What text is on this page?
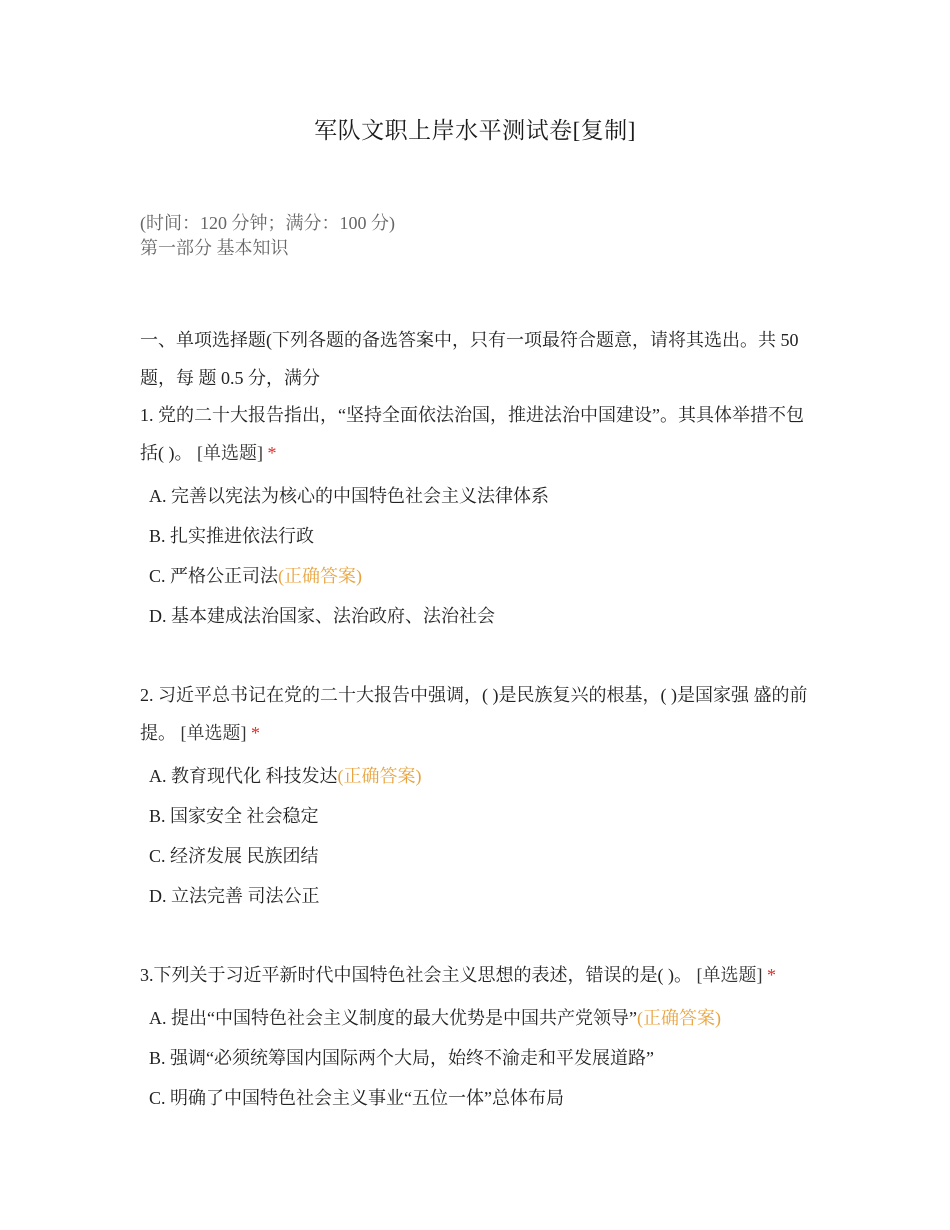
军队文职上岸水平测试卷[复制]
(时间：120 分钟；满分：100 分)
第一部分 基本知识
一、单项选择题(下列各题的备选答案中，只有一项最符合题意，请将其选出。共 50 题，每 题 0.5 分，满分
1. 党的二十大报告指出，“坚持全面依法治国，推进法治中国建设”。其具体举措不包 括( )。 [单选题] *
A. 完善以宪法为核心的中国特色社会主义法律体系
B. 扎实推进依法行政
C. 严格公正司法(正确答案)
D. 基本建成法治国家、法治政府、法治社会
2. 习近平总书记在党的二十大报告中强调，( )是民族复兴的根基，( )是国家强 盛的前提。 [单选题] *
A. 教育现代化 科技发达(正确答案)
B. 国家安全 社会稳定
C. 经济发展 民族团结
D. 立法完善 司法公正
3.下列关于习近平新时代中国特色社会主义思想的表述，错误的是( )。 [单选题] *
A. 提出“中国特色社会主义制度的最大优势是中国共产党领导”(正确答案)
B. 强调“必须统筹国内国际两个大局，始终不渝走和平发展道路”
C. 明确了中国特色社会主义事业“五位一体”总体布局
